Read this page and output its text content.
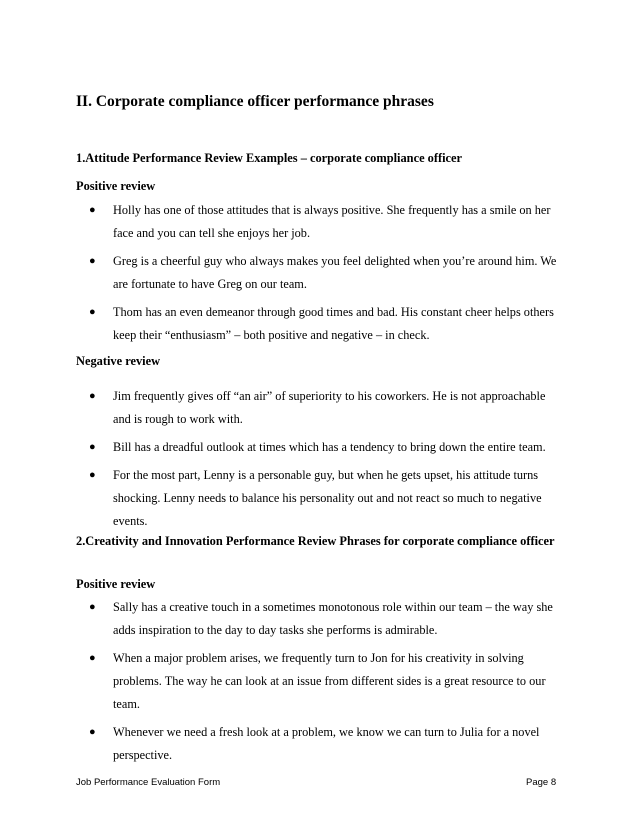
II. Corporate compliance officer performance phrases
1.Attitude Performance Review Examples – corporate compliance officer
Positive review
● Holly has one of those attitudes that is always positive. She frequently has a smile on her face and you can tell she enjoys her job.
● Greg is a cheerful guy who always makes you feel delighted when you’re around him. We are fortunate to have Greg on our team.
● Thom has an even demeanor through good times and bad. His constant cheer helps others keep their “enthusiasm” – both positive and negative – in check.
Negative review
● Jim frequently gives off “an air” of superiority to his coworkers. He is not approachable and is rough to work with.
● Bill has a dreadful outlook at times which has a tendency to bring down the entire team.
● For the most part, Lenny is a personable guy, but when he gets upset, his attitude turns shocking. Lenny needs to balance his personality out and not react so much to negative events.
2.Creativity and Innovation Performance Review Phrases for corporate compliance officer
Positive review
● Sally has a creative touch in a sometimes monotonous role within our team – the way she adds inspiration to the day to day tasks she performs is admirable.
● When a major problem arises, we frequently turn to Jon for his creativity in solving problems. The way he can look at an issue from different sides is a great resource to our team.
● Whenever we need a fresh look at a problem, we know we can turn to Julia for a novel perspective.
Job Performance Evaluation Form	Page 8
